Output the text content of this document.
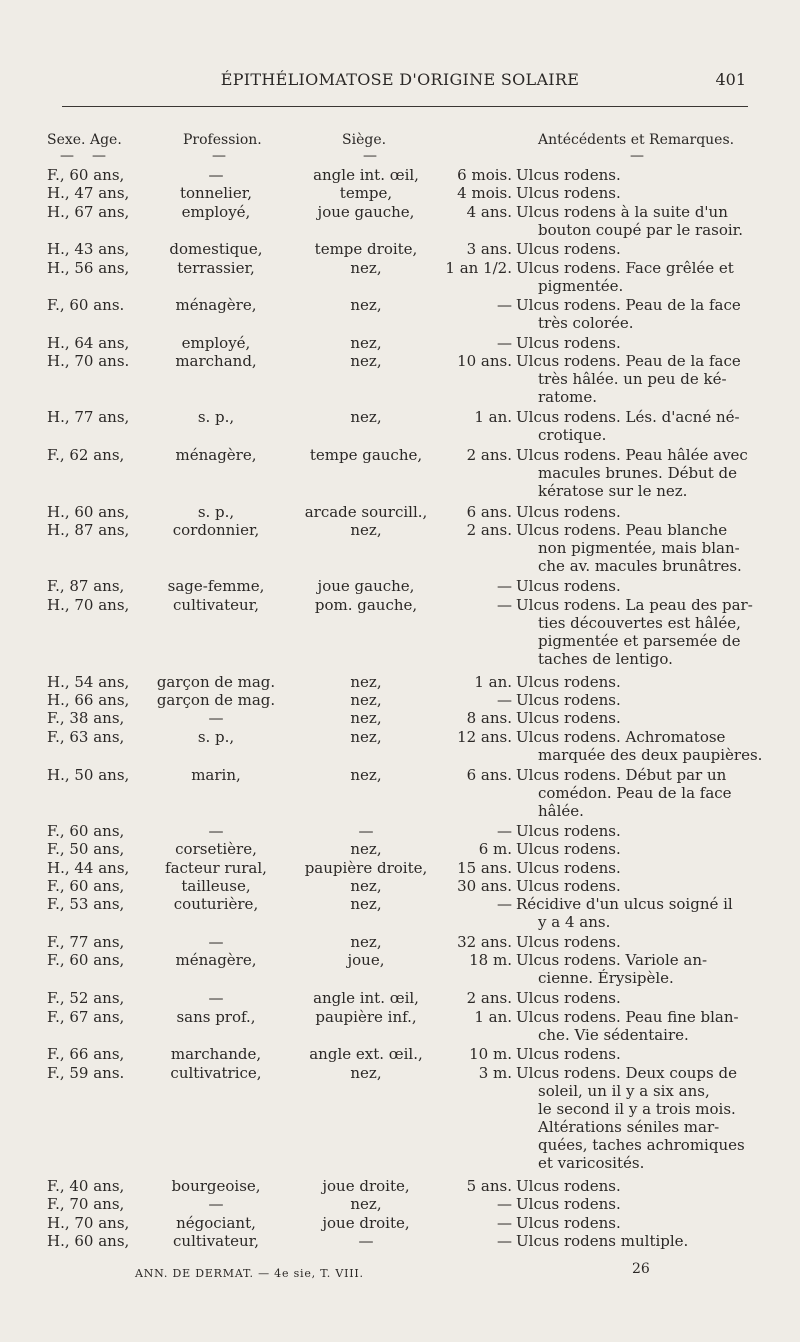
ÉPITHÉLIOMATOSE D'ORIGINE SOLAIRE	401
Sexe. Age.	Profession.	Siège.	Antécédents et Remarques.
— —	—	—	—
F., 60 ans,	—	angle int. œil,	6 mois. Ulcus rodens.
H., 47 ans,	tonnelier,	tempe,	4 mois. Ulcus rodens.
H., 67 ans,	employé,	joue gauche,	4 ans. Ulcus rodens à la suite d'un
bouton coupé par le rasoir.
H., 43 ans,	domestique,	tempe droite,	3 ans. Ulcus rodens.
H., 56 ans,	terrassier,	nez,	1 an 1/2. Ulcus rodens. Face grêlée et
pigmentée.
F., 60 ans.	ménagère,	nez,	— Ulcus rodens. Peau de la face
très colorée.
H., 64 ans,	employé,	nez,	— Ulcus rodens.
H., 70 ans.	marchand,	nez,	10 ans. Ulcus rodens. Peau de la face
très hâlée. un peu de ké-
ratome.
H., 77 ans,	s. p.,	nez,	1 an. Ulcus rodens. Lés. d'acné né-
crotique.
F., 62 ans,	ménagère,	tempe gauche,	2 ans. Ulcus rodens. Peau hâlée avec
macules brunes. Début de
kératose sur le nez.
H., 60 ans,	s. p.,	arcade sourcill.,	6 ans. Ulcus rodens.
H., 87 ans,	cordonnier,	nez,	2 ans. Ulcus rodens. Peau blanche
non pigmentée, mais blan-
che av. macules brunâtres.
F., 87 ans,	sage-femme,	joue gauche,	— Ulcus rodens.
H., 70 ans,	cultivateur,	pom. gauche,	— Ulcus rodens. La peau des par-
ties découvertes est hâlée,
pigmentée et parsemée de
taches de lentigo.
H., 54 ans,	garçon de mag.	nez,	1 an. Ulcus rodens.
H., 66 ans,	garçon de mag.	nez,	— Ulcus rodens.
F., 38 ans,	—	nez,	8 ans. Ulcus rodens.
F., 63 ans,	s. p.,	nez,	12 ans. Ulcus rodens. Achromatose
marquée des deux paupières.
H., 50 ans,	marin,	nez,	6 ans. Ulcus rodens. Début par un
comédon. Peau de la face
hâlée.
F., 60 ans,	—	—	— Ulcus rodens.
F., 50 ans,	corsetière,	nez,	6 m. Ulcus rodens.
H., 44 ans,	facteur rural,	paupière droite,	15 ans. Ulcus rodens.
F., 60 ans,	tailleuse,	nez,	30 ans. Ulcus rodens.
F., 53 ans,	couturière,	nez,	— Récidive d'un ulcus soigné il
y a 4 ans.
F., 77 ans,	—	nez,	32 ans. Ulcus rodens.
F., 60 ans,	ménagère,	joue,	18 m. Ulcus rodens. Variole an-
cienne. Érysipèle.
F., 52 ans,	—	angle int. œil,	2 ans. Ulcus rodens.
F., 67 ans,	sans prof.,	paupière inf.,	1 an. Ulcus rodens. Peau fine blan-
che. Vie sédentaire.
F., 66 ans,	marchande,	angle ext. œil.,	10 m. Ulcus rodens.
F., 59 ans.	cultivatrice,	nez,	3 m. Ulcus rodens. Deux coups de
soleil, un il y a six ans,
le second il y a trois mois.
Altérations séniles mar-
quées, taches achromiques
et varicosités.
F., 40 ans,	bourgeoise,	joue droite,	5 ans. Ulcus rodens.
F., 70 ans,	—	nez,	— Ulcus rodens.
H., 70 ans,	négociant,	joue droite,	— Ulcus rodens.
H., 60 ans,	cultivateur,	—	— Ulcus rodens multiple.
ANN. DE DERMAT. — 4e sie, T. VIII.	26
